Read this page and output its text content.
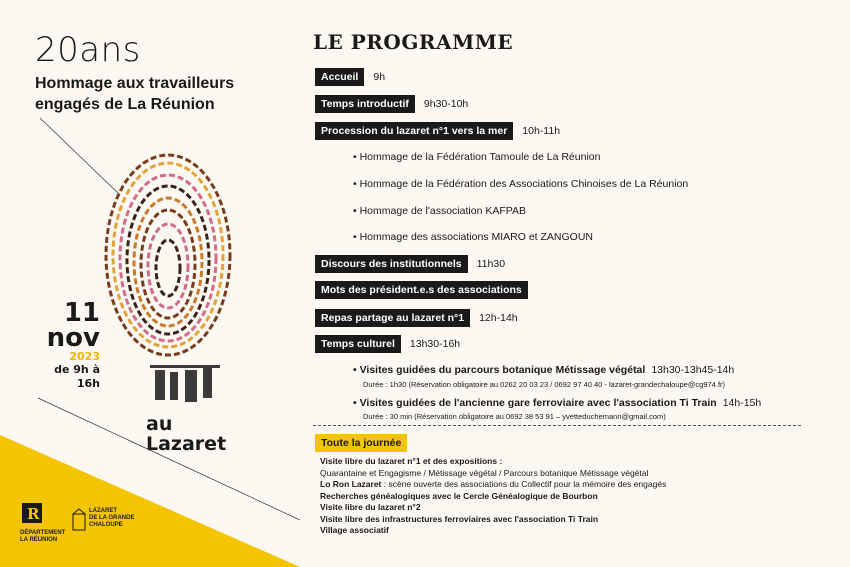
20ans
Hommage aux travailleurs
engagés de La Réunion
11
nov
2023
de 9h à 16h
au
Lazaret
R
DÉPARTEMENT LA RÉUNION
LAZARET
DE LA GRANDE
CHALOUPE
LE PROGRAMME
Accueil	9h
Temps introductif	9h30-10h
Procession du lazaret n°1 vers la mer	10h-11h
• Hommage de la Fédération Tamoule de La Réunion
• Hommage de la Fédération des Associations Chinoises de La Réunion
• Hommage de l'association KAFPAB
• Hommage des associations MIARO et ZANGOUN
Discours des institutionnels	11h30
Mots des président.e.s des associations
Repas partage au lazaret n°1	12h-14h
Temps culturel	13h30-16h
• Visites guidées du parcours botanique Métissage végétal 13h30-13h45-14h
Durée : 1h30 (Réservation obligatoire au 0262 20 03 23 / 0692 97 40 40 - lazaret-grandechaloupe@cg974.fr)
• Visites guidées de l'ancienne gare ferroviaire avec l'association Ti Train 14h-15h
Durée : 30 min (Réservation obligatoire au 0692 38 53 91 – yvetteduchemann@gmail.com)
Toute la journée
Visite libre du lazaret n°1 et des expositions :
Quarantaine et Engagisme / Métissage végétal / Parcours botanique Métissage végétal
Lo Ron Lazaret : scène ouverte des associations du Collectif pour la mémoire des engagés
Recherches généalogiques avec le Cercle Généalogique de Bourbon
Visite libre du lazaret n°2
Visite libre des infrastructures ferroviaires avec l'association Ti Train
Village associatif
